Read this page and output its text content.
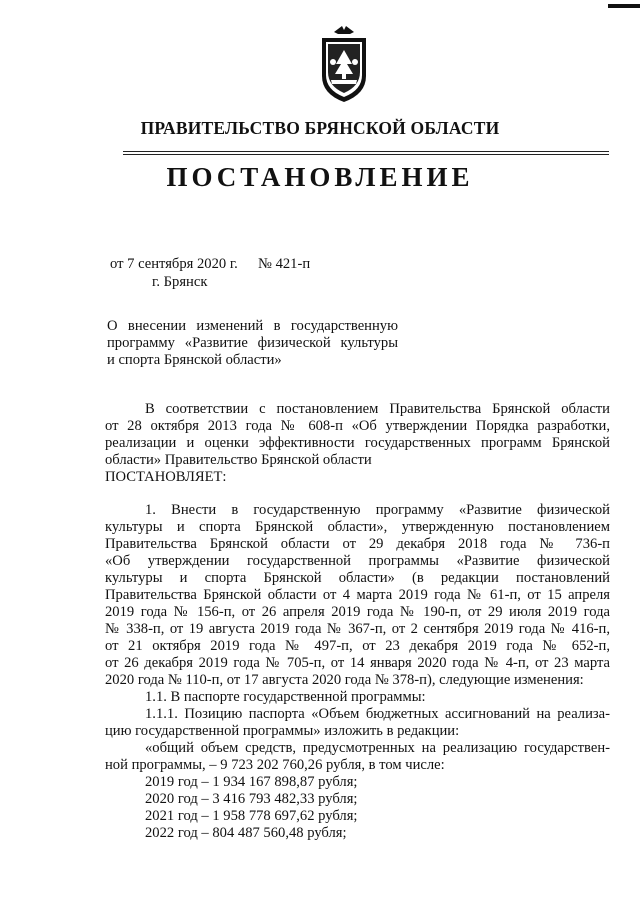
ПРАВИТЕЛЬСТВО БРЯНСКОЙ ОБЛАСТИ
ПОСТАНОВЛЕНИЕ
от 7 сентября 2020 г. № 421-п
г. Брянск
О внесении изменений в государственную
программу «Развитие физической культуры
и спорта Брянской области»
В соответствии с постановлением Правительства Брянской области
от 28 октября 2013 года № 608-п «Об утверждении Порядка разработки,
реализации и оценки эффективности государственных программ Брянской
области» Правительство Брянской области
ПОСТАНОВЛЯЕТ:
1. Внести в государственную программу «Развитие физической
культуры и спорта Брянской области», утвержденную постановлением
Правительства Брянской области от 29 декабря 2018 года № 736-п
«Об утверждении государственной программы «Развитие физической
культуры и спорта Брянской области» (в редакции постановлений
Правительства Брянской области от 4 марта 2019 года № 61-п, от 15 апреля
2019 года № 156-п, от 26 апреля 2019 года № 190-п, от 29 июля 2019 года
№ 338-п, от 19 августа 2019 года № 367-п, от 2 сентября 2019 года № 416-п,
от 21 октября 2019 года № 497-п, от 23 декабря 2019 года № 652-п,
от 26 декабря 2019 года № 705-п, от 14 января 2020 года № 4-п, от 23 марта
2020 года № 110-п, от 17 августа 2020 года № 378-п), следующие изменения:
1.1. В паспорте государственной программы:
1.1.1. Позицию паспорта «Объем бюджетных ассигнований на реализа-
цию государственной программы» изложить в редакции:
«общий объем средств, предусмотренных на реализацию государствен-
ной программы, – 9 723 202 760,26 рубля, в том числе:
2019 год – 1 934 167 898,87 рубля;
2020 год – 3 416 793 482,33 рубля;
2021 год – 1 958 778 697,62 рубля;
2022 год – 804 487 560,48 рубля;
